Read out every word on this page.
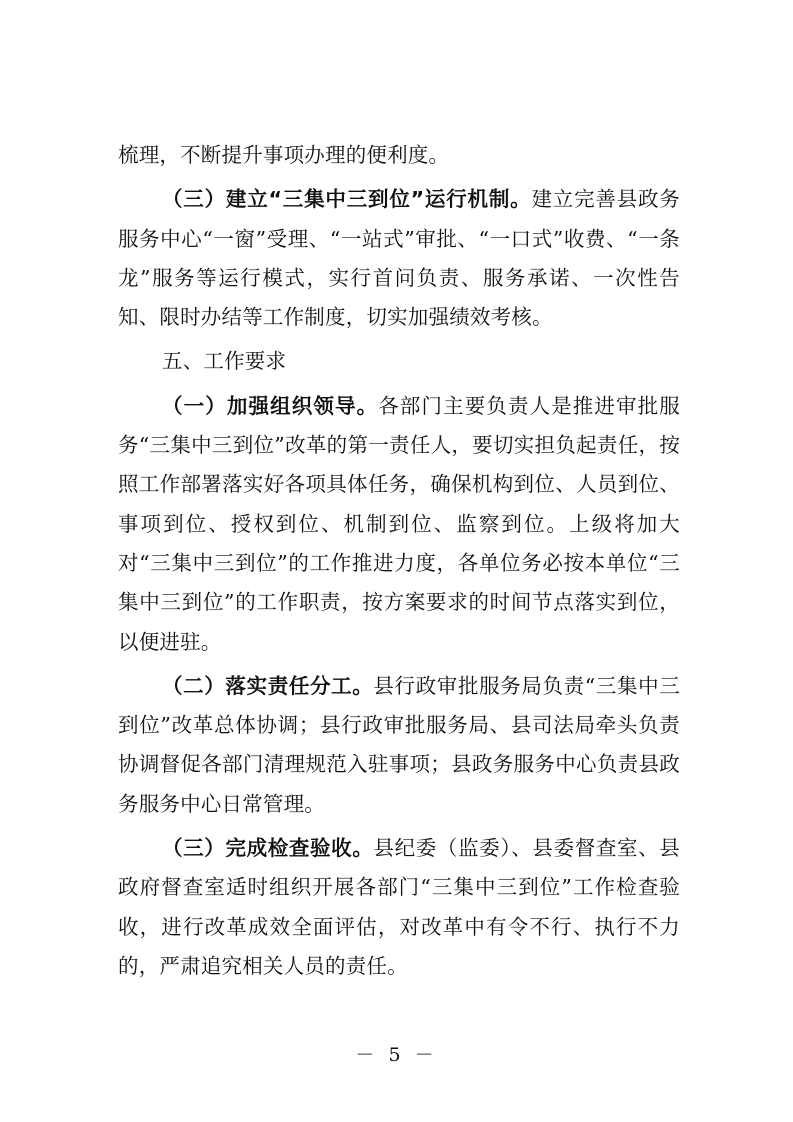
梳理，不断提升事项办理的便利度。

（三）建立“三集中三到位”运行机制。建立完善县政务服务中心“一窗”受理、“一站式”审批、“一口式”收费、“一条龙”服务等运行模式，实行首问负责、服务承诺、一次性告知、限时办结等工作制度，切实加强绩效考核。

五、工作要求

（一）加强组织领导。各部门主要负责人是推进审批服务“三集中三到位”改革的第一责任人，要切实担负起责任，按照工作部署落实好各项具体任务，确保机构到位、人员到位、事项到位、授权到位、机制到位、监察到位。上级将加大对“三集中三到位”的工作推进力度，各单位务必按本单位“三集中三到位”的工作职责，按方案要求的时间节点落实到位，以便进驻。

（二）落实责任分工。县行政审批服务局负责“三集中三到位”改革总体协调；县行政审批服务局、县司法局牵头负责协调督促各部门清理规范入驻事项；县政务服务中心负责县政务服务中心日常管理。

（三）完成检查验收。县纪委（监委）、县委督查室、县政府督查室适时组织开展各部门“三集中三到位”工作检查验收，进行改革成效全面评估，对改革中有令不行、执行不力的，严肃追究相关人员的责任。

－ 5 －
